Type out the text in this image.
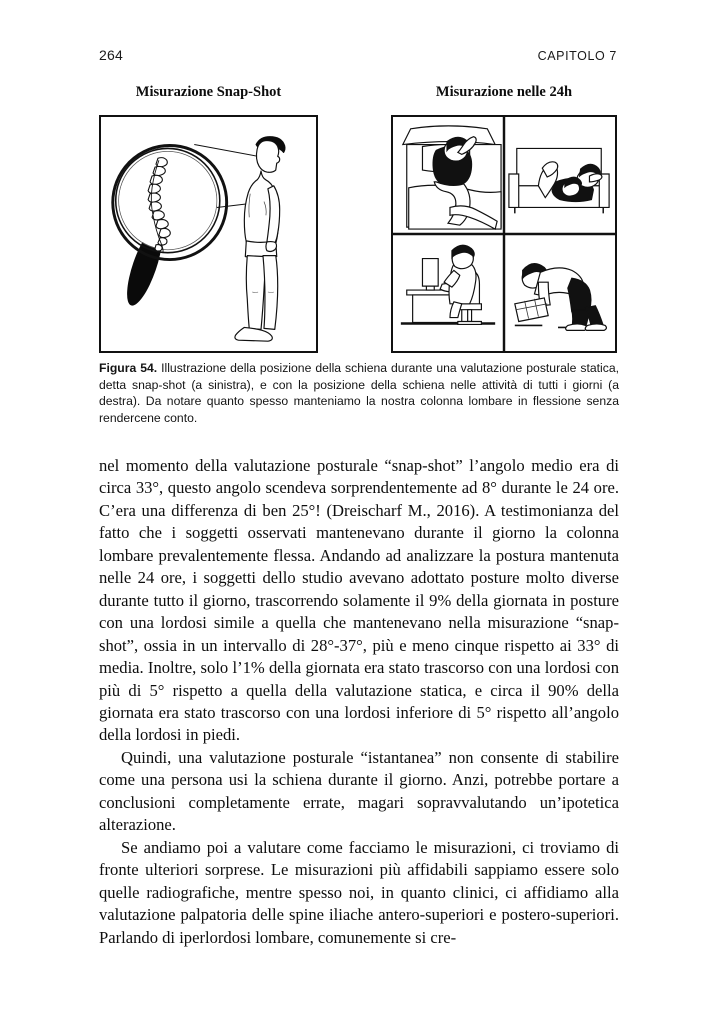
264	CAPITOLO 7
Misurazione Snap-Shot	Misurazione nelle 24h
Figura 54. Illustrazione della posizione della schiena durante una valutazione posturale statica, detta snap-shot (a sinistra), e con la posizione della schiena nelle attività di tutti i giorni (a destra). Da notare quanto spesso manteniamo la nostra colonna lombare in flessione senza rendercene conto.

nel momento della valutazione posturale “snap-shot” l’angolo medio era di circa 33°, questo angolo scendeva sorprendentemente ad 8° durante le 24 ore. C’era una differenza di ben 25°! (Dreischarf M., 2016). A testimonianza del fatto che i soggetti osservati mantenevano durante il giorno la colonna lombare prevalentemente flessa. Andando ad analizzare la postura mantenuta nelle 24 ore, i soggetti dello studio avevano adottato posture molto diverse durante tutto il giorno, trascorrendo solamente il 9% della giornata in posture con una lordosi simile a quella che mantenevano nella misurazione “snap-shot”, ossia in un intervallo di 28°-37°, più e meno cinque rispetto ai 33° di media. Inoltre, solo l’1% della giornata era stato trascorso con una lordosi con più di 5° rispetto a quella della valutazione statica, e circa il 90% della giornata era stato trascorso con una lordosi inferiore di 5° rispetto all’angolo della lordosi in piedi.

Quindi, una valutazione posturale “istantanea” non consente di stabilire come una persona usi la schiena durante il giorno. Anzi, potrebbe portare a conclusioni completamente errate, magari sopravvalutando un’ipotetica alterazione.

Se andiamo poi a valutare come facciamo le misurazioni, ci troviamo di fronte ulteriori sorprese. Le misurazioni più affidabili sappiamo essere solo quelle radiografiche, mentre spesso noi, in quanto clinici, ci affidiamo alla valutazione palpatoria delle spine iliache antero-superiori e postero-superiori. Parlando di iperlordosi lombare, comunemente si cre-
